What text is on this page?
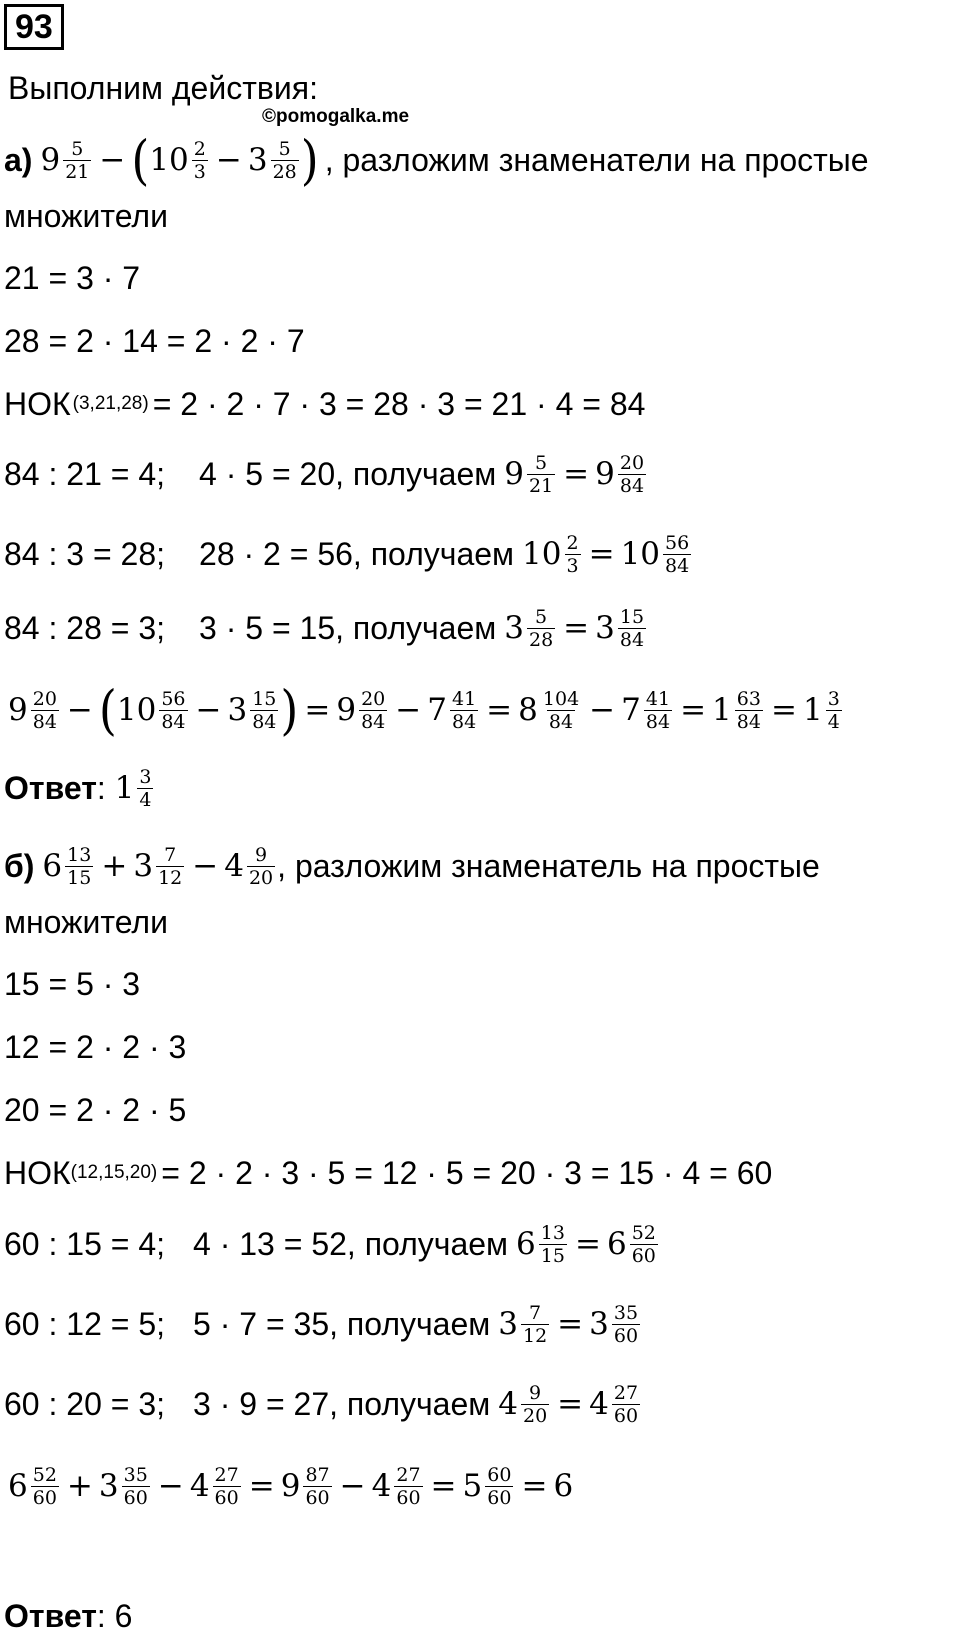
93
Выполним действия:
©pomogalka.me
а) $9 \frac{5}{21}$ − ( $10 \frac{2}{3} - 3 \frac{5}{28}$ ) , разложим знаменатели на простые
множители
21 = 3 · 7
28 = 2 · 14 = 2 · 2 · 7
НОК (3,21,28) = 2 · 2 · 7 · 3 = 28 · 3 = 21 · 4 = 84
84 : 21 = 4; 4 · 5 = 20, получаем $9 \frac{5}{21} = 9 \frac{20}{84}$
84 : 3 = 28; 28 · 2 = 56, получаем $10 \frac{2}{3} = 10 \frac{56}{84}$
84 : 28 = 3; 3 · 5 = 15, получаем $3 \frac{5}{28} = 3 \frac{15}{84}$
$9 \frac{20}{84}$ − ( $10 \frac{56}{84} - 3 \frac{15}{84}$ ) = $9 \frac{20}{84} - 7 \frac{41}{84} = 8 \frac{104}{84} - 7 \frac{41}{84} = 1 \frac{63}{84} = 1 \frac{3}{4}$
Ответ : $1 \frac{3}{4}$
б) $6 \frac{13}{15} + 3 \frac{7}{12} - 4 \frac{9}{20}$ , разложим знаменатель на простые
множители
15 = 5 · 3
12 = 2 · 2 · 3
20 = 2 · 2 · 5
НОК (12,15,20) = 2 · 2 · 3 · 5 = 12 · 5 = 20 · 3 = 15 · 4 = 60
60 : 15 = 4; 4 · 13 = 52, получаем $6 \frac{13}{15} = 6 \frac{52}{60}$
60 : 12 = 5; 5 · 7 = 35, получаем $3 \frac{7}{12} = 3 \frac{35}{60}$
60 : 20 = 3; 3 · 9 = 27, получаем $4 \frac{9}{20} = 4 \frac{27}{60}$
$6 \frac{52}{60} + 3 \frac{35}{60} - 4 \frac{27}{60} = 9 \frac{87}{60} - 4 \frac{27}{60} = 5 \frac{60}{60} = 6$
Ответ : 6
